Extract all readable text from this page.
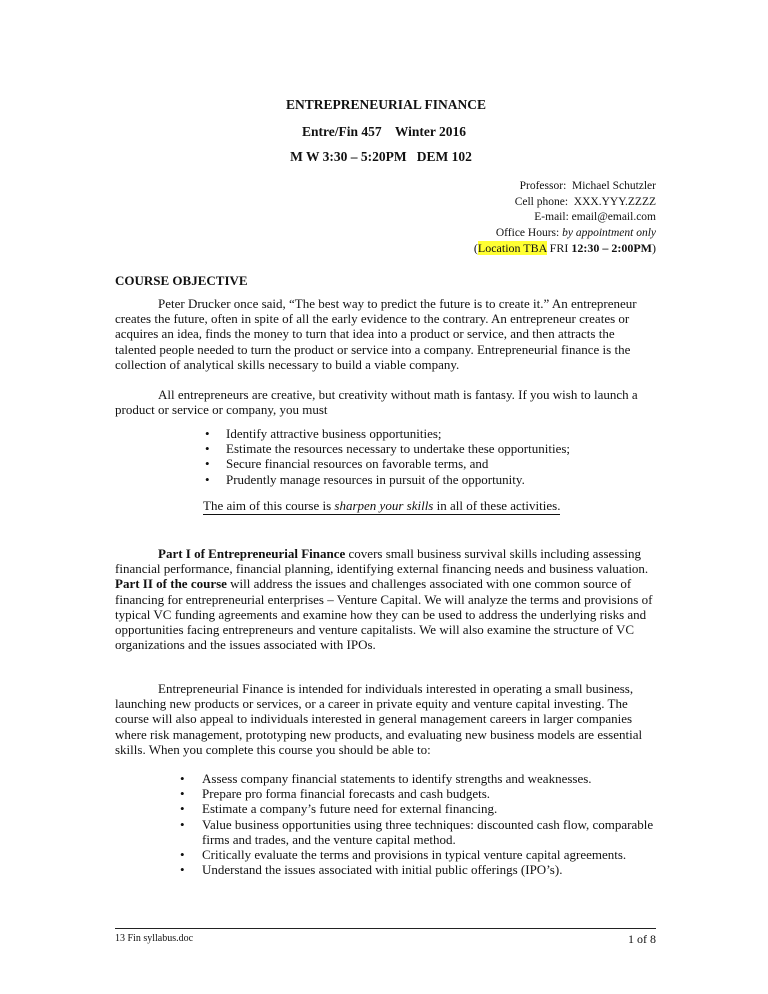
ENTREPRENEURIAL FINANCE
Entre/Fin 457    Winter 2016
M W 3:30 – 5:20PM   DEM 102
Professor:  Michael Schutzler
Cell phone:  XXX.YYY.ZZZZ
E-mail: email@email.com
Office Hours: by appointment only
(Location TBA FRI 12:30 – 2:00PM)
COURSE OBJECTIVE

Peter Drucker once said, “The best way to predict the future is to create it.” An entrepreneur creates the future, often in spite of all the early evidence to the contrary. An entrepreneur creates or acquires an idea, finds the money to turn that idea into a product or service, and then attracts the talented people needed to turn the product or service into a company. Entrepreneurial finance is the collection of analytical skills necessary to build a viable company.

All entrepreneurs are creative, but creativity without math is fantasy. If you wish to launch a product or service or company, you must

• Identify attractive business opportunities;
• Estimate the resources necessary to undertake these opportunities;
• Secure financial resources on favorable terms, and
• Prudently manage resources in pursuit of the opportunity.
The aim of this course is sharpen your skills in all of these activities.

Part I of Entrepreneurial Finance covers small business survival skills including assessing financial performance, financial planning, identifying external financing needs and business valuation. Part II of the course will address the issues and challenges associated with one common source of financing for entrepreneurial enterprises – Venture Capital. We will analyze the terms and provisions of typical VC funding agreements and examine how they can be used to address the underlying risks and opportunities facing entrepreneurs and venture capitalists. We will also examine the structure of VC organizations and the issues associated with IPOs.

Entrepreneurial Finance is intended for individuals interested in operating a small business, launching new products or services, or a career in private equity and venture capital investing. The course will also appeal to individuals interested in general management careers in larger companies where risk management, prototyping new products, and evaluating new business models are essential skills. When you complete this course you should be able to:

• Assess company financial statements to identify strengths and weaknesses.
• Prepare pro forma financial forecasts and cash budgets.
• Estimate a company’s future need for external financing.
• Value business opportunities using three techniques: discounted cash flow, comparable firms and trades, and the venture capital method.
• Critically evaluate the terms and provisions in typical venture capital agreements.
• Understand the issues associated with initial public offerings (IPO’s).
13 Fin syllabus.doc	1 of 8
